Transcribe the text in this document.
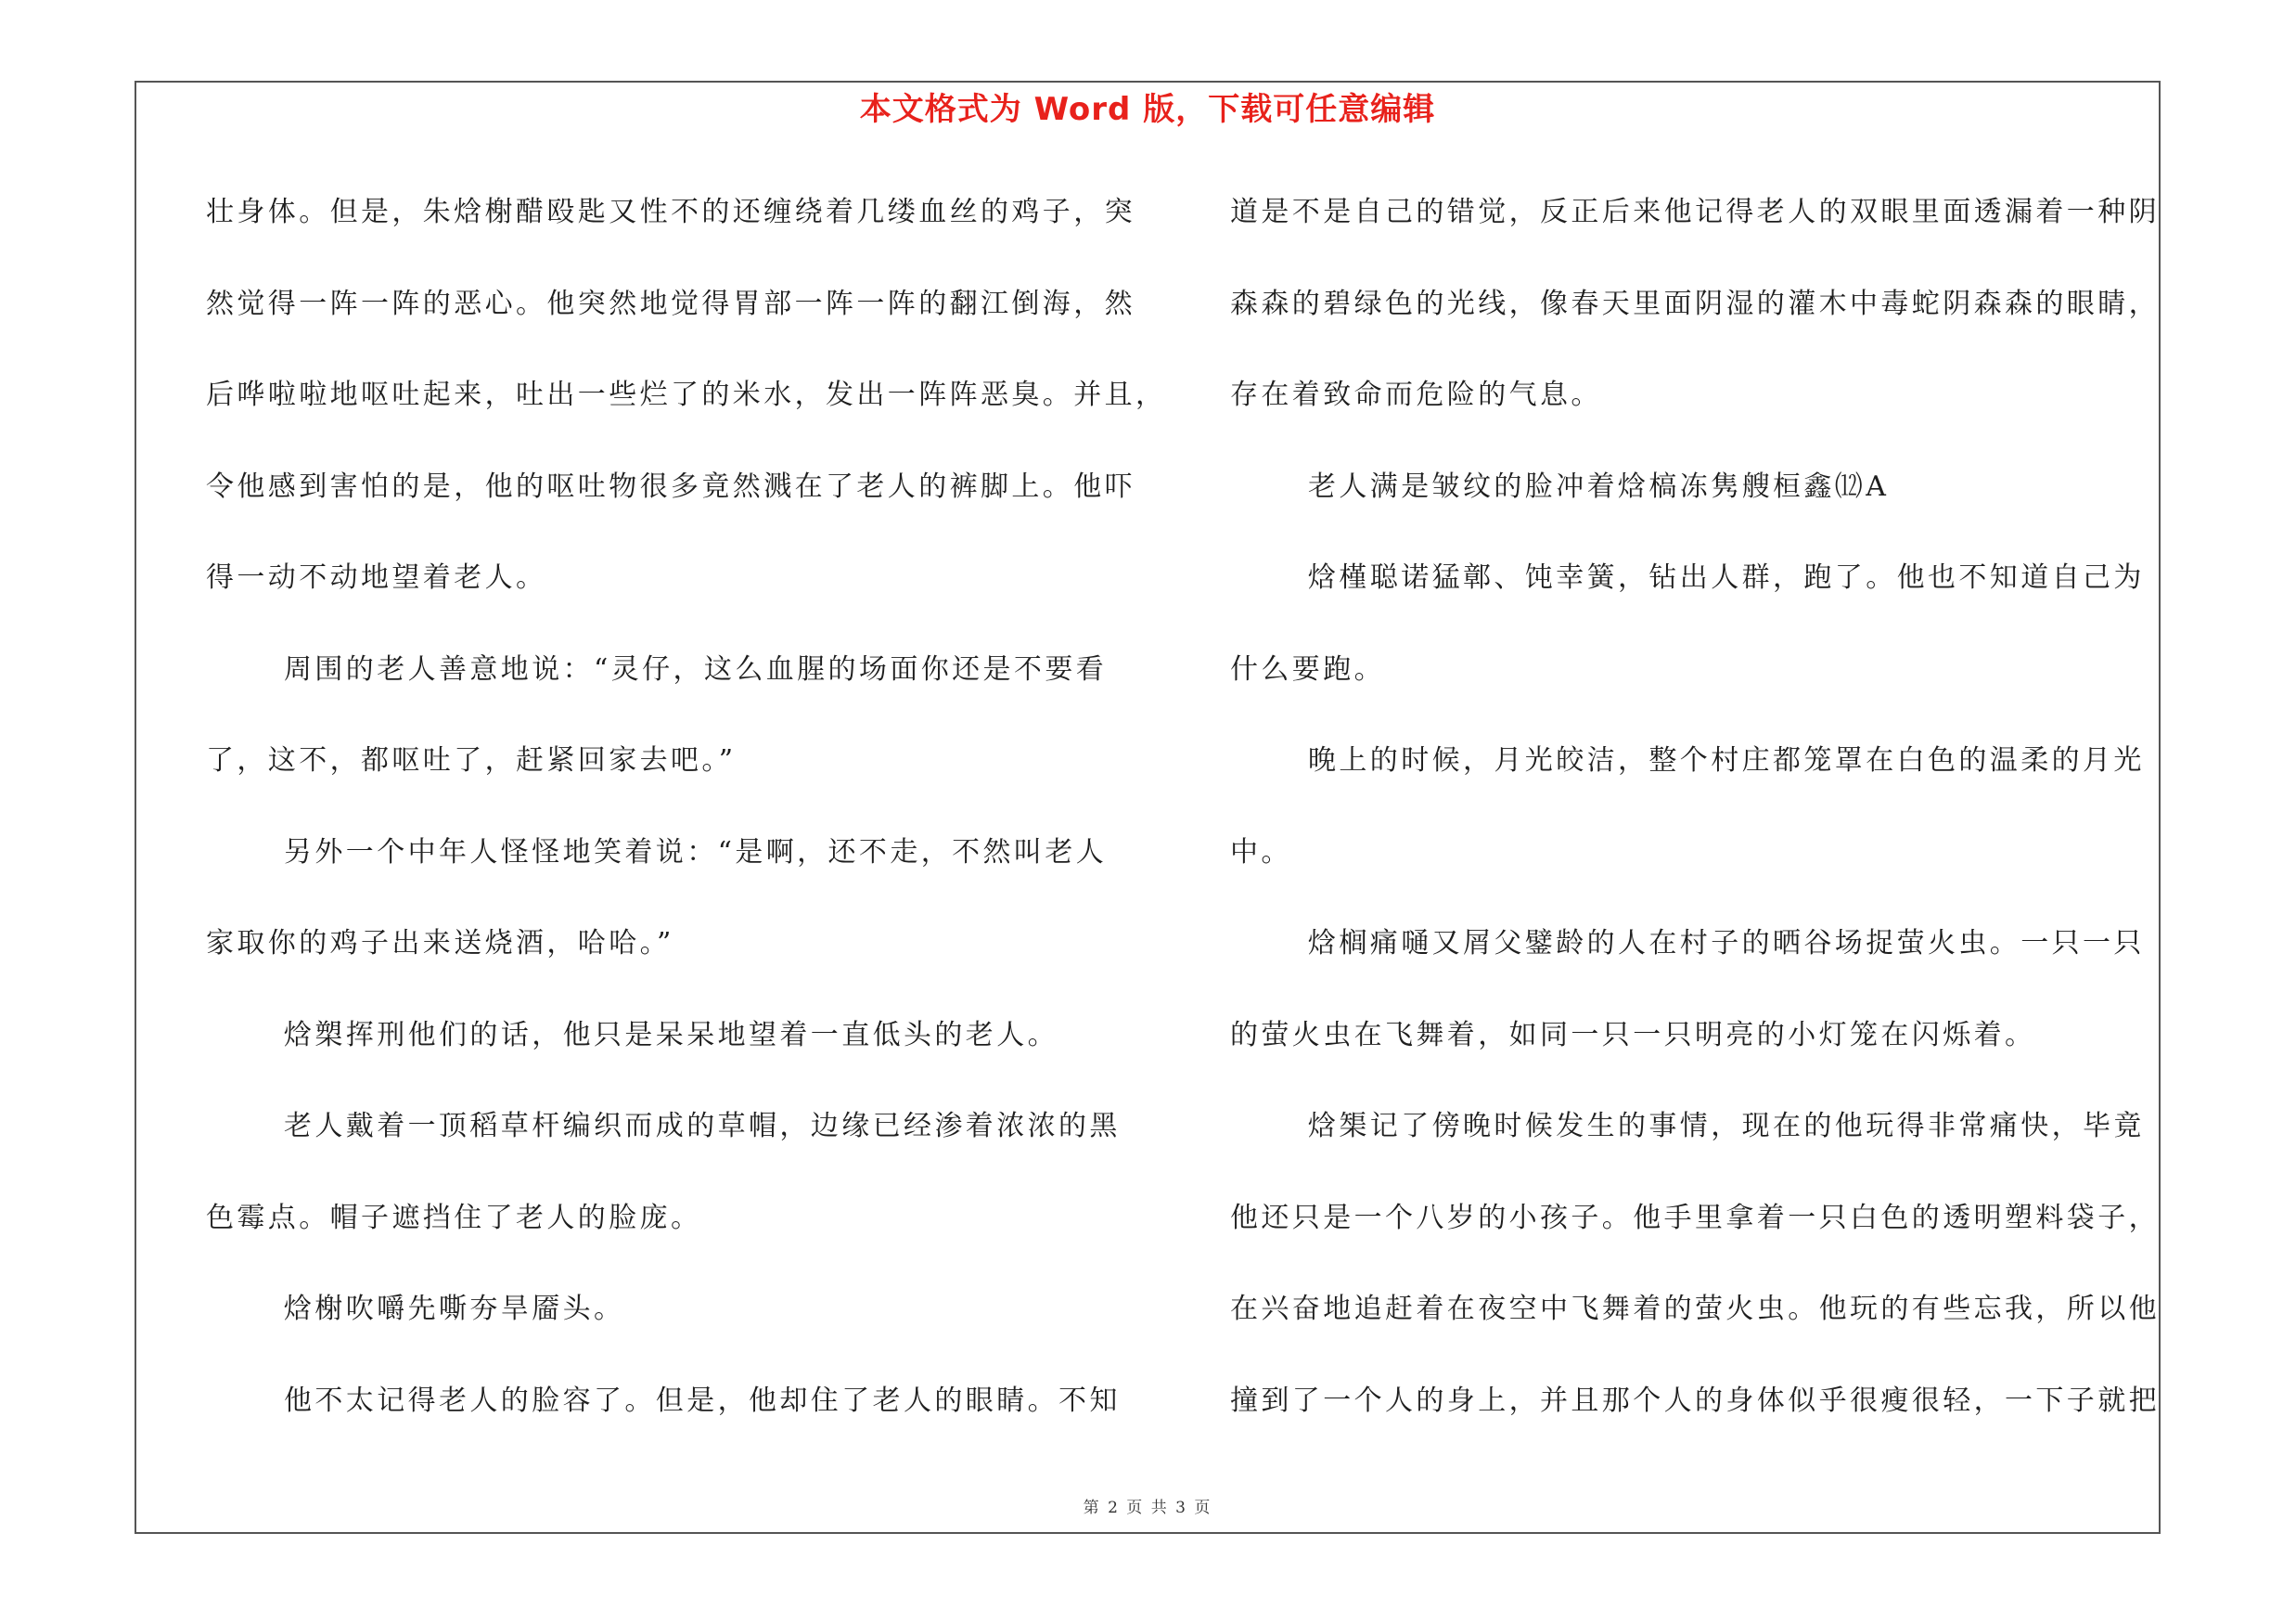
本文格式为 Word 版，下载可任意编辑
壮身体。但是，朱焓榭醋殴匙又性不的还缠绕着几缕血丝的鸡子，突
然觉得一阵一阵的恶心。他突然地觉得胃部一阵一阵的翻江倒海，然
后哗啦啦地呕吐起来，吐出一些烂了的米水，发出一阵阵恶臭。并且，
令他感到害怕的是，他的呕吐物很多竟然溅在了老人的裤脚上。他吓
得一动不动地望着老人。
周围的老人善意地说：“灵仔，这么血腥的场面你还是不要看
了，这不，都呕吐了，赶紧回家去吧。”
另外一个中年人怪怪地笑着说：“是啊，还不走，不然叫老人
家取你的鸡子出来送烧酒，哈哈。”
焓槊挥刑他们的话，他只是呆呆地望着一直低头的老人。
老人戴着一顶稻草杆编织而成的草帽，边缘已经渗着浓浓的黑
色霉点。帽子遮挡住了老人的脸庞。
焓榭吹嚼先嘶夯旱靥头。
他不太记得老人的脸容了。但是，他却住了老人的眼睛。不知
道是不是自己的错觉，反正后来他记得老人的双眼里面透漏着一种阴
森森的碧绿色的光线，像春天里面阴湿的灌木中毒蛇阴森森的眼睛，
存在着致命而危险的气息。
老人满是皱纹的脸冲着焓槁冻隽艘桓鑫⑿A
焓槿聪诺猛鄣、饨幸簧，钻出人群，跑了。他也不知道自己为
什么要跑。
晚上的时候，月光皎洁，整个村庄都笼罩在白色的温柔的月光
中。
焓榈痛嗵又屑父鐾龄的人在村子的晒谷场捉萤火虫。一只一只
的萤火虫在飞舞着，如同一只一只明亮的小灯笼在闪烁着。
焓榘记了傍晚时候发生的事情，现在的他玩得非常痛快，毕竟
他还只是一个八岁的小孩子。他手里拿着一只白色的透明塑料袋子，
在兴奋地追赶着在夜空中飞舞着的萤火虫。他玩的有些忘我，所以他
撞到了一个人的身上，并且那个人的身体似乎很瘦很轻，一下子就把
第 2 页 共 3 页
